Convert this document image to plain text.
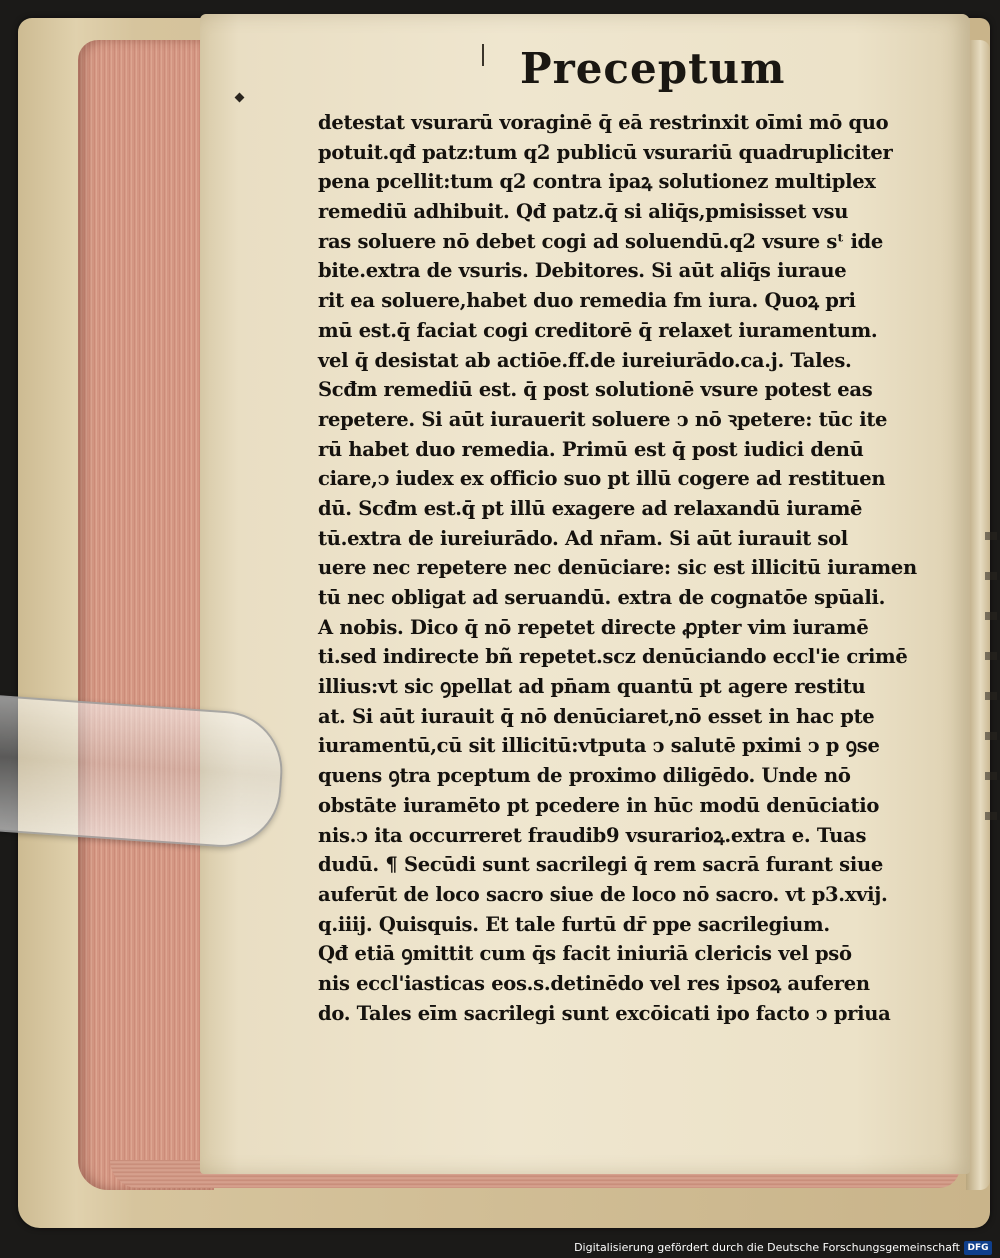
Preceptum
detestat vsurarū voraginē q̄ eā restrinxit oīmi mō quo
potuit.qđ patz:tum q2 publicū vsurariū quadrupliciter
pena pcellit:tum q2 contra ipaꝝ solutionez multiplex
remediū adhibuit. Qđ patz.q̄ si aliq̄s,pmisisset vsu
ras soluere nō debet cogi ad soluendū.q2 vsure sᵗ ide
bite.extra de vsuris. Debitores. Si aūt aliq̄s iuraue
rit ea soluere,habet duo remedia fm iura. Quoꝝ pri
mū est.q̄ faciat cogi creditorē q̄ relaxet iuramentum.
vel q̄ desistat ab actiōe.ff.de iureiurādo.ca.j. Tales.
Scđm remediū est. q̄ post solutionē vsure potest eas
repetere. Si aūt iurauerit soluere ↄ nō ꝛpetere: tūc ite
rū habet duo remedia. Primū est q̄ post iudici denū
ciare,ↄ iudex ex officio suo pt illū cogere ad restituen
dū. Scđm est.q̄ pt illū exagere ad relaxandū iuramē
tū.extra de iureiurādo. Ad nr̄am. Si aūt iurauit sol
uere nec repetere nec denūciare: sic est illicitū iuramen
tū nec obligat ad seruandū. extra de cognatōe spūali.
A nobis. Dico q̄ nō repetet directe ꝓpter vim iuramē
ti.sed indirecte bñ repetet.scz denūciando eccl'ie crimē
illius:vt sic ꝯpellat ad pn̄am quantū pt agere restitu
at. Si aūt iurauit q̄ nō denūciaret,nō esset in hac pte
iuramentū,cū sit illicitū:vtputa ↄ salutē pximi ↄ p ꝯse
quens ꝯtra pceptum de proximo diligēdo. Unde nō
obstāte iuramēto pt pcedere in hūc modū denūciatio
nis.ↄ ita occurreret fraudib9 vsurarioꝝ.extra e. Tuas
dudū. ¶ Secūdi sunt sacrilegi q̄ rem sacrā furant siue
auferūt de loco sacro siue de loco nō sacro. vt p3.xvij.
q.iiij. Quisquis. Et tale furtū dr̄ ppe sacrilegium.
Qđ etiā ꝯmittit cum q̄s facit iniuriā clericis vel psō
nis eccl'iasticas eos.s.detinēdo vel res ipsoꝝ auferen
do. Tales eīm sacrilegi sunt excōicati ipo facto ↄ priua
Digitalisierung gefördert durch die Deutsche Forschungsgemeinschaft DFG
